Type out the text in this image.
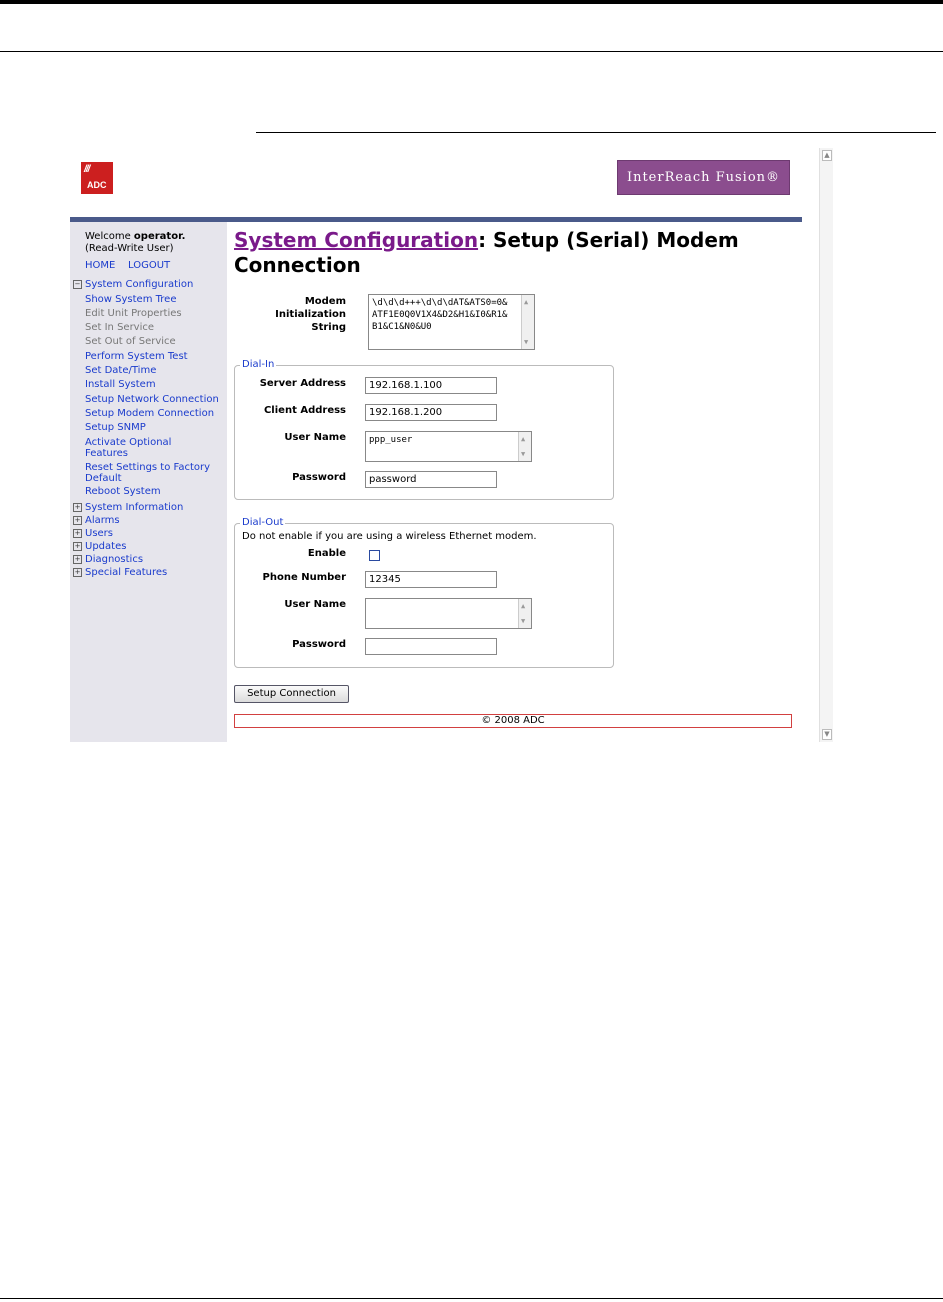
///
ADC	InterReach Fusion®
Welcome operator.
(Read-Write User)
HOME LOGOUT
− System Configuration
Show System Tree
Edit Unit Properties
Set In Service
Set Out of Service
Perform System Test
Set Date/Time
Install System
Setup Network Connection
Setup Modem Connection
Setup SNMP
Activate Optional Features
Reset Settings to Factory Default
Reboot System
+ System Information
+ Alarms
+ Users
+ Updates
+ Diagnostics
+ Special Features
System Configuration: Setup (Serial) Modem Connection
Modem Initialization
String
\d\d\d+++\d\d\dAT&ATS0=0& ATF1E0Q0V1X4&D2&H1&I0&R1& B1&C1&N0&U0
▲
▼
Dial-In
Server Address	192.168.1.100
Client Address	192.168.1.200
User Name	ppp_user	▲
▼
Password	password
Dial-Out
Do not enable if you are using a wireless Ethernet modem.
Enable
Phone Number	12345
User Name	▲
▼
Password
Setup Connection
© 2008 ADC
▲
▼
